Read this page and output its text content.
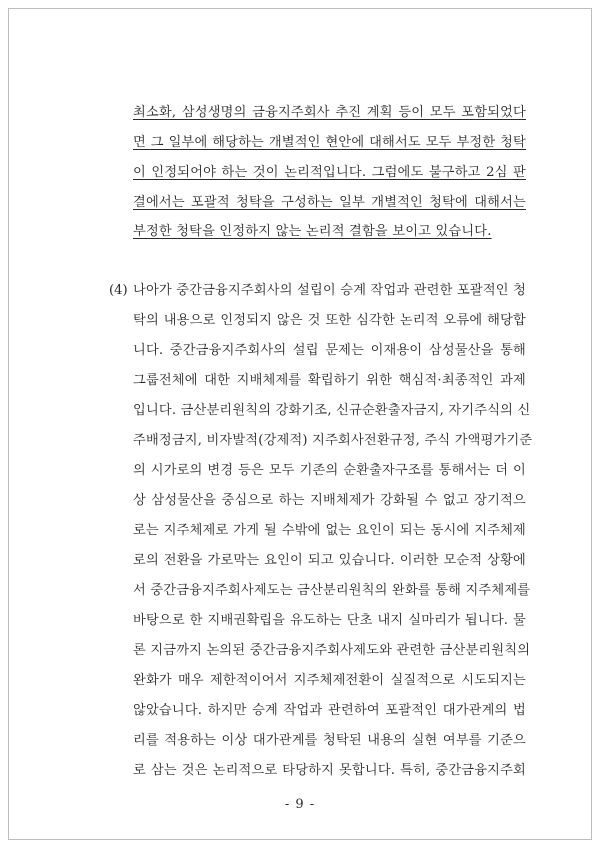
최소화, 삼성생명의 금융지주회사 추진 계획 등이 모두 포함되었다
면 그 일부에 해당하는 개별적인 현안에 대해서도 모두 부정한 청탁
이 인정되어야 하는 것이 논리적입니다. 그럼에도 불구하고 2심 판
결에서는 포괄적 청탁을 구성하는 일부 개별적인 청탁에 대해서는
부정한 청탁을 인정하지 않는 논리적 결함을 보이고 있습니다.
(4) 나아가 중간금융지주회사의 설립이 승계 작업과 관련한 포괄적인 청
탁의 내용으로 인정되지 않은 것 또한 심각한 논리적 오류에 해당합
니다. 중간금융지주회사의 설립 문제는 이재용이 삼성물산을 통해
그룹전체에 대한 지배체제를 확립하기 위한 핵심적·최종적인 과제
입니다. 금산분리원칙의 강화기조, 신규순환출자금지, 자기주식의 신
주배정금지, 비자발적(강제적) 지주회사전환규정, 주식 가액평가기준
의 시가로의 변경 등은 모두 기존의 순환출자구조를 통해서는 더 이
상 삼성물산을 중심으로 하는 지배체제가 강화될 수 없고 장기적으
로는 지주체제로 가게 될 수밖에 없는 요인이 되는 동시에 지주체제
로의 전환을 가로막는 요인이 되고 있습니다. 이러한 모순적 상황에
서 중간금융지주회사제도는 금산분리원칙의 완화를 통해 지주체제를
바탕으로 한 지배권확립을 유도하는 단초 내지 실마리가 됩니다. 물
론 지금까지 논의된 중간금융지주회사제도와 관련한 금산분리원칙의
완화가 매우 제한적이어서 지주체제전환이 실질적으로 시도되지는
않았습니다. 하지만 승계 작업과 관련하여 포괄적인 대가관계의 법
리를 적용하는 이상 대가관계를 청탁된 내용의 실현 여부를 기준으
로 삼는 것은 논리적으로 타당하지 못합니다. 특히, 중간금융지주회
- 9 -
